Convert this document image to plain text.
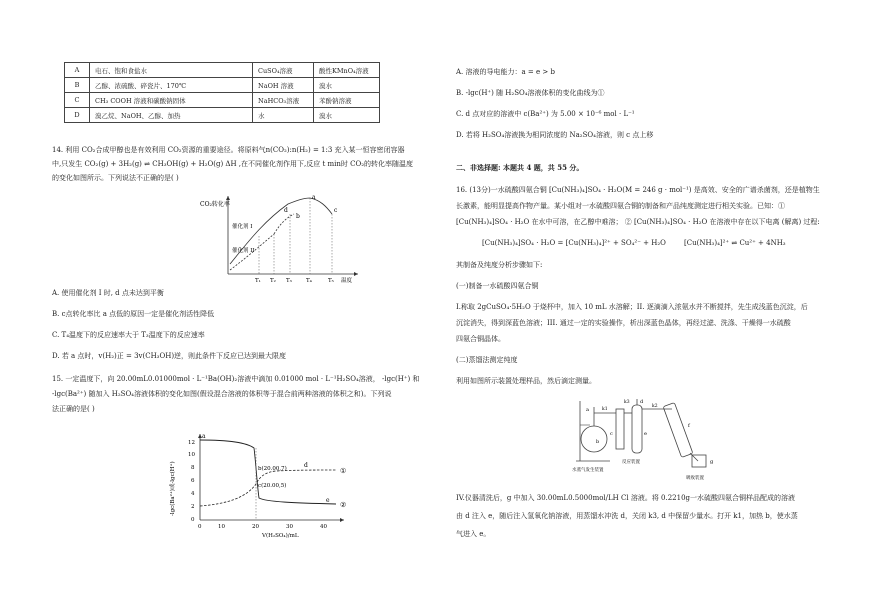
A	电石、饱和食盐水	CuSO₄溶液	酸性KMnO₄溶液
B	乙醇、浓硫酸、碎瓷片、170℃	NaOH 溶液	溴水
C	CH₃ COOH 溶液和碳酸钠固体	NaHCO₃溶液	苯酚钠溶液
D	溴乙烷、NaOH、乙醇、加热	水	溴水
14. 利用 CO₂合成甲醇也是有效利用 CO₂资源的重要途径。将原料气n(CO₂):n(H₂) = 1:3 充入某一恒容密闭容器
中,只发生 CO₂(g) + 3H₂(g) ⇌ CH₃OH(g) + H₂O(g) ΔH ,在不同催化剂作用下,反应 t min时 CO₂的转化率随温度
的变化如图所示。下列说法不正确的是( )
CO₂转化率
催化剂 I
催化剂 II
a
b
c
d
T₁ T₂ T₃	T₄	T₅ 温度
A. 使用催化剂 I 时, d 点未达到平衡
B. c点转化率比 a 点低的原因一定是催化剂活性降低
C. T₄温度下的反应速率大于 T₃温度下的反应速率
D. 若 a 点时，v(H₂)正 = 3v(CH₃OH)逆，则此条件下反应已达到最大限度
15. 一定温度下，向 20.00mL0.01000mol · L⁻¹Ba(OH)₂溶液中滴加 0.01000 mol · L⁻¹H₂SO₄溶液， -lgc(H⁺) 和
-lgc(Ba²⁺) 随加入 H₂SO₄溶液体积的变化如图(假设混合溶液的体积等于混合前两种溶液的体积之和)。下列说
法正确的是( )
-lgc(Ba²⁺)或-lgc(H⁺)
12
10
8
6
4
2
0
0	10	20	30	40
V(H₂SO₄)/mL
a
b(20.00,7)
c(20.00,5)
d
e
①
②
A. 溶液的导电能力：a = e > b
B. -lgc(H⁺) 随 H₂SO₄溶液体积的变化曲线为①
C. d 点对应的溶液中 c(Ba²⁺) 为 5.00 × 10⁻⁶ mol · L⁻¹
D. 若将 H₂SO₄溶液换为相同浓度的 Na₂SO₄溶液，则 c 点上移
二、非选择题: 本题共 4 题，共 55 分。
16. (13分)一水硫酸四氨合铜 [Cu(NH₃)₄]SO₄ · H₂O(M = 246 g · mol⁻¹) 是高效、安全的广谱杀菌剂，还是植物生
长激素，能明显提高作物产量。某小组对一水硫酸四氨合铜的制备和产品纯度测定进行相关实验。已知：①
[Cu(NH₃)₄]SO₄ · H₂O 在水中可溶，在乙醇中难溶； ② [Cu(NH₃)₄]SO₄ · H₂O 在溶液中存在以下电离 (解离) 过程:
[Cu(NH₃)₄]SO₄ · H₂O = [Cu(NH₃)₄]²⁺ + SO₄²⁻ + H₂O	[Cu(NH₃)₄]²⁺ ⇌ Cu²⁺ + 4NH₃
其制备及纯度分析步骤如下:
(一)制备一水硫酸四氨合铜
I.称取 2gCuSO₄·5H₂O 于烧杯中，加入 10 mL 水溶解；II. 逐滴滴入浓氨水并不断搅拌，先生成浅蓝色沉淀，后
沉淀消失，得到深蓝色溶液；III. 通过一定的实验操作，析出深蓝色晶体，再经过滤、洗涤、干燥得一水硫酸
四氨合铜晶体。
(二)蒸馏法测定纯度
利用如图所示装置处理样品，然后滴定测量。
b
a	k1
c
d
e
k3
k2
f
g
水蒸气发生装置
反应装置
吸收装置
IV.仪器清洗后，g 中加入 30.00mL0.5000mol/LH Cl 溶液。将 0.2210g一水硫酸四氨合铜样品配成的溶液
由 d 注入 e，随后注入氢氧化钠溶液，用蒸馏水冲洗 d，关闭 k3, d 中保留少量水。打开 k1，加热 b，使水蒸
气进入 e。
